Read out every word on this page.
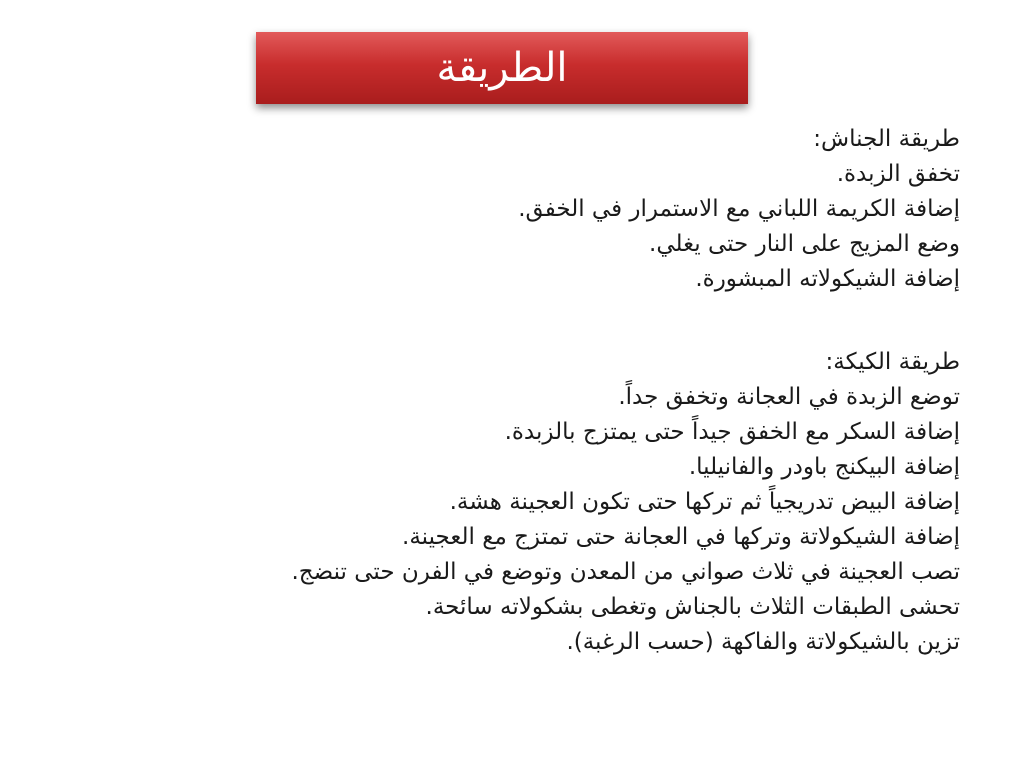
الطريقة
طريقة الجناش:
تخفق الزبدة.
إضافة الكريمة اللباني مع الاستمرار في الخفق.
وضع المزيج على النار حتى يغلي.
إضافة الشيكولاته المبشورة.
طريقة الكيكة:
توضع الزبدة في العجانة وتخفق جداً.
إضافة السكر مع الخفق جيداً حتى يمتزج بالزبدة.
إضافة البيكنج باودر والفانيليا.
إضافة البيض تدريجياً ثم تركها حتى تكون العجينة هشة.
إضافة الشيكولاتة وتركها في العجانة حتى تمتزج مع العجينة.
تصب العجينة في ثلاث صواني من المعدن وتوضع في الفرن حتى تنضج.
تحشى الطبقات الثلاث بالجناش وتغطى بشكولاته سائحة.
تزين بالشيكولاتة والفاكهة (حسب الرغبة).
